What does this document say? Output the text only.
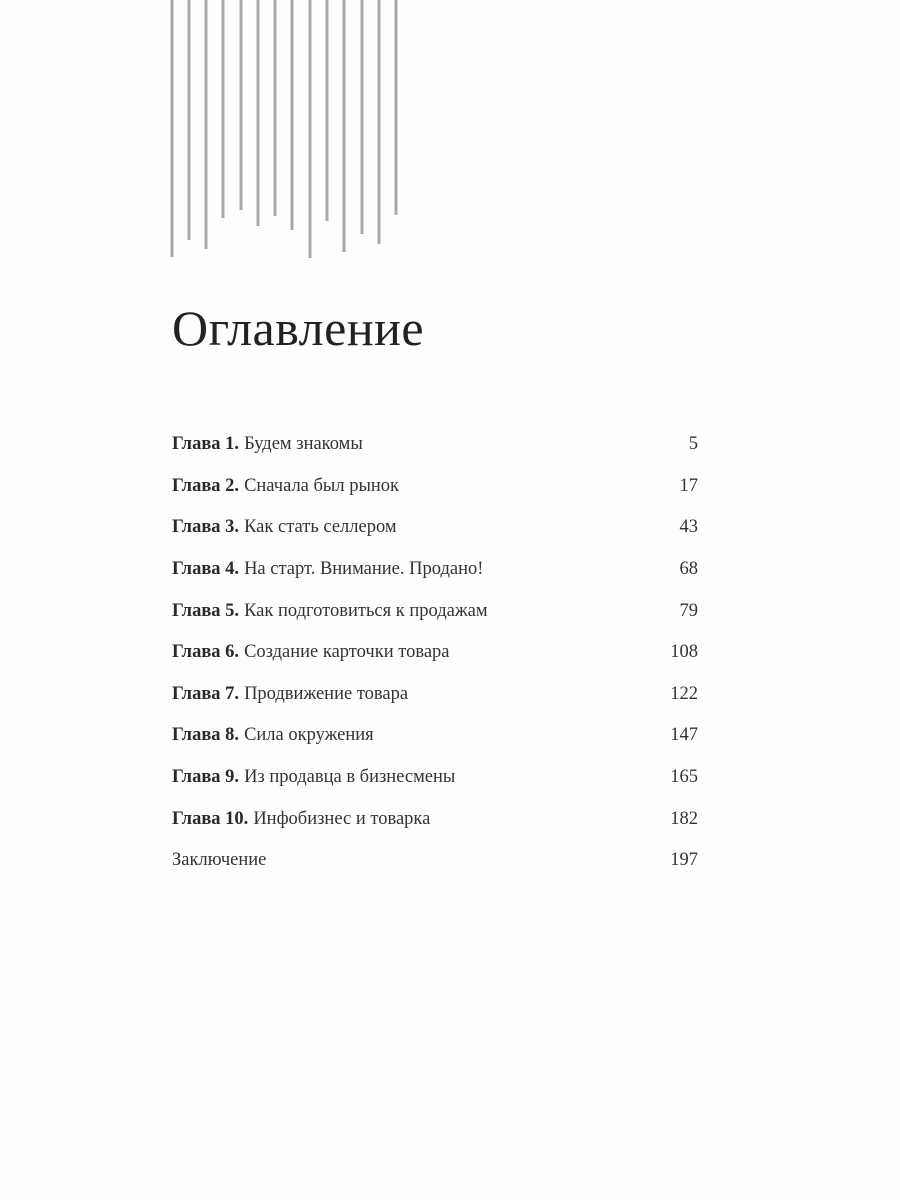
Оглавление
Глава 1. Будем знакомы	5
Глава 2. Сначала был рынок	17
Глава 3. Как стать селлером	43
Глава 4. На старт. Внимание. Продано!	68
Глава 5. Как подготовиться к продажам	79
Глава 6. Создание карточки товара	108
Глава 7. Продвижение товара	122
Глава 8. Сила окружения	147
Глава 9. Из продавца в бизнесмены	165
Глава 10. Инфобизнес и товарка	182
Заключение	197
